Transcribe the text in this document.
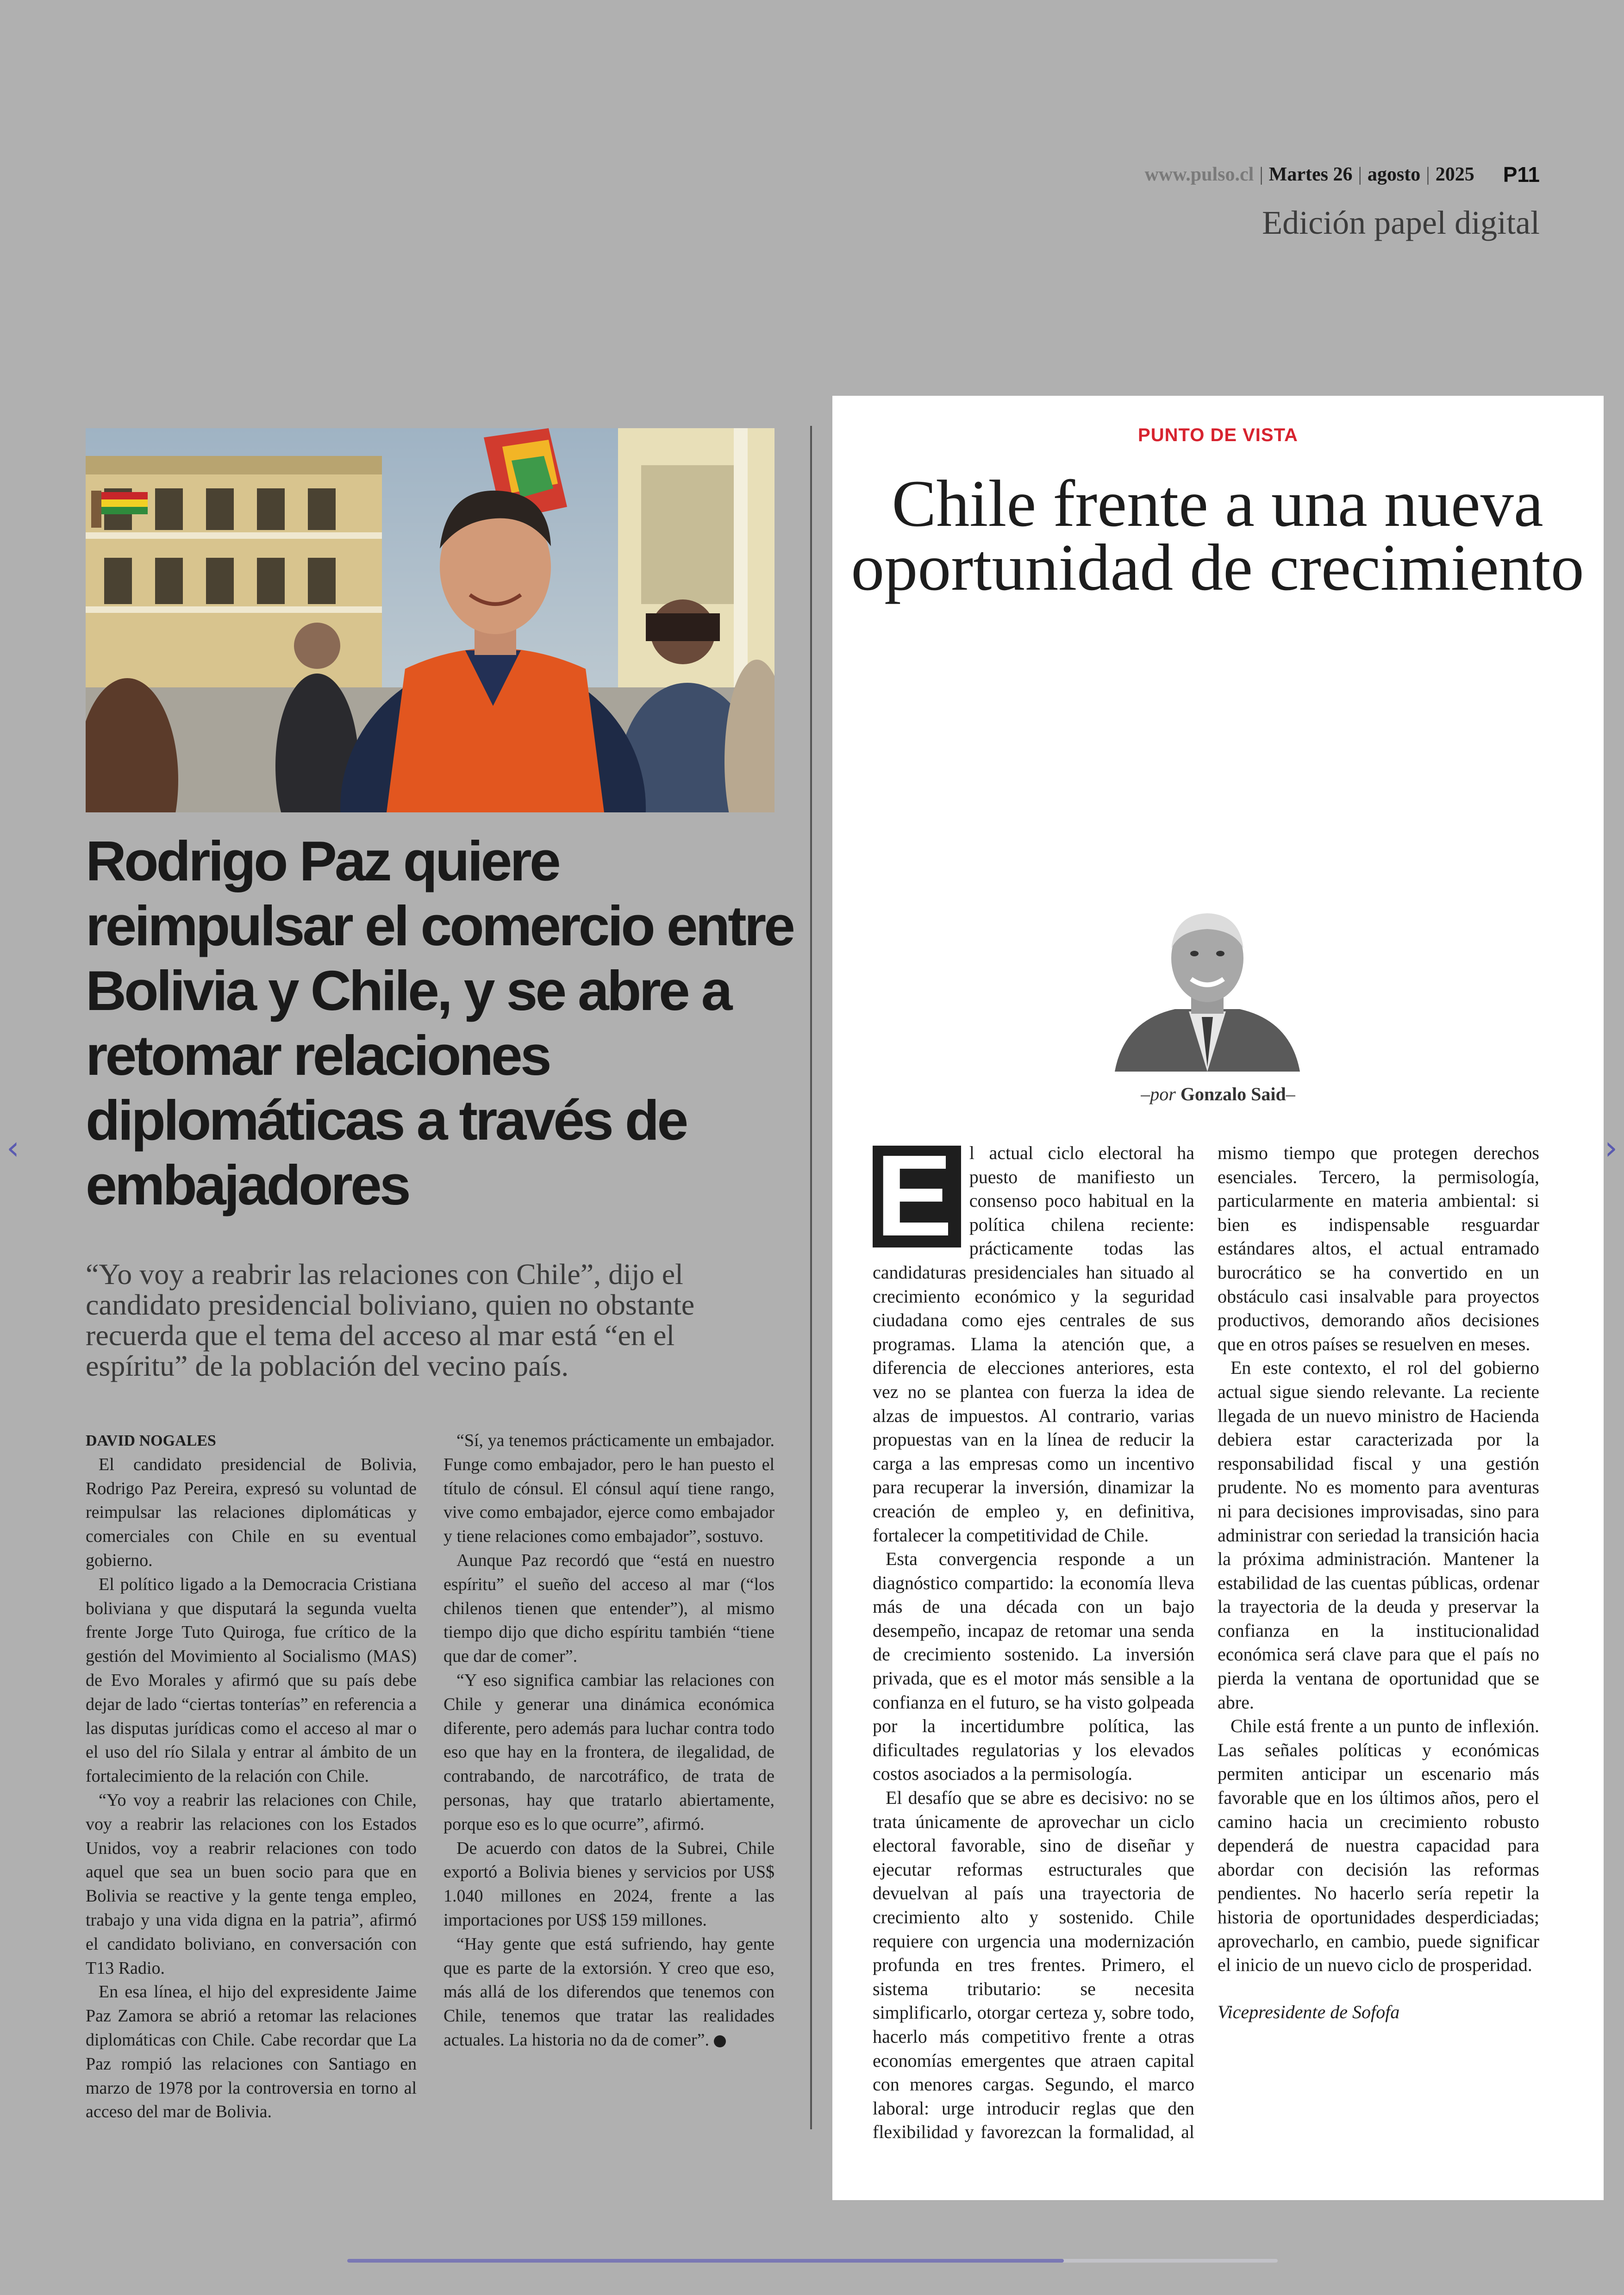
www.pulso.cl | Martes 26 | agosto | 2025 P11
Edición papel digital
Rodrigo Paz quiere reimpulsar el comercio entre Bolivia y Chile, y se abre a retomar relaciones diplomáticas a través de embajadores

“Yo voy a reabrir las relaciones con Chile”, dijo el candidato presidencial boliviano, quien no obstante recuerda que el tema del acceso al mar está “en el espíritu” de la población del vecino país.

DAVID NOGALES

El candidato presidencial de Bolivia, Rodrigo Paz Pereira, expresó su voluntad de reimpulsar las relaciones diplomáticas y comerciales con Chile en su eventual gobierno.

El político ligado a la Democracia Cristiana boliviana y que disputará la segunda vuelta frente Jorge Tuto Quiroga, fue crítico de la gestión del Movimiento al Socialismo (MAS) de Evo Morales y afirmó que su país debe dejar de lado “ciertas tonterías” en referencia a las disputas jurídicas como el acceso al mar o el uso del río Silala y entrar al ámbito de un fortalecimiento de la relación con Chile.

“Yo voy a reabrir las relaciones con Chile, voy a reabrir las relaciones con los Estados Unidos, voy a reabrir relaciones con todo aquel que sea un buen socio para que en Bolivia se reactive y la gente tenga empleo, trabajo y una vida digna en la patria”, afirmó el candidato boliviano, en conversación con T13 Radio.

En esa línea, el hijo del expresidente Jaime Paz Zamora se abrió a retomar las relaciones diplomáticas con Chile. Cabe recordar que La Paz rompió las relaciones con Santiago en marzo de 1978 por la controversia en torno al acceso del mar de Bolivia.

“Sí, ya tenemos prácticamente un embajador. Funge como embajador, pero le han puesto el título de cónsul. El cónsul aquí tiene rango, vive como embajador, ejerce como embajador y tiene relaciones como embajador”, sostuvo.

Aunque Paz recordó que “está en nuestro espíritu” el sueño del acceso al mar (“los chilenos tienen que entender”), al mismo tiempo dijo que dicho espíritu también “tiene que dar de comer”.

“Y eso significa cambiar las relaciones con Chile y generar una dinámica económica diferente, pero además para luchar contra todo eso que hay en la frontera, de ilegalidad, de contrabando, de narcotráfico, de trata de personas, hay que tratarlo abiertamente, porque eso es lo que ocurre”, afirmó.

De acuerdo con datos de la Subrei, Chile exportó a Bolivia bienes y servicios por US$ 1.040 millones en 2024, frente a las importaciones por US$ 159 millones.

“Hay gente que está sufriendo, hay gente que es parte de la extorsión. Y creo que eso, más allá de los diferendos que tenemos con Chile, tenemos que tratar las realidades actuales. La historia no da de comer”.

PUNTO DE VISTA
Chile frente a una nueva oportunidad de crecimiento
–por Gonzalo Said–

E l actual ciclo electoral ha puesto de manifiesto un consenso poco habitual en la política chilena reciente: prácticamente todas las candidaturas presidenciales han situado al crecimiento económico y la seguridad ciudadana como ejes centrales de sus programas. Llama la atención que, a diferencia de elecciones anteriores, esta vez no se plantea con fuerza la idea de alzas de impuestos. Al contrario, varias propuestas van en la línea de reducir la carga a las empresas como un incentivo para recuperar la inversión, dinamizar la creación de empleo y, en definitiva, fortalecer la competitividad de Chile.

Esta convergencia responde a un diagnóstico compartido: la economía lleva más de una década con un bajo desempeño, incapaz de retomar una senda de crecimiento sostenido. La inversión privada, que es el motor más sensible a la confianza en el futuro, se ha visto golpeada por la incertidumbre política, las dificultades regulatorias y los elevados costos asociados a la permisología.

El desafío que se abre es decisivo: no se trata únicamente de aprovechar un ciclo electoral favorable, sino de diseñar y ejecutar reformas estructurales que devuelvan al país una trayectoria de crecimiento alto y sostenido. Chile requiere con urgencia una modernización profunda en tres frentes. Primero, el sistema tributario: se necesita simplificarlo, otorgar certeza y, sobre todo, hacerlo más competitivo frente a otras economías emergentes que atraen capital con menores cargas. Segundo, el marco laboral: urge introducir reglas que den flexibilidad y favorezcan la formalidad, al mismo tiempo que protegen derechos esenciales. Tercero, la permisología, particularmente en materia ambiental: si bien es indispensable resguardar estándares altos, el actual entramado burocrático se ha convertido en un obstáculo casi insalvable para proyectos productivos, demorando años decisiones que en otros países se resuelven en meses.

En este contexto, el rol del gobierno actual sigue siendo relevante. La reciente llegada de un nuevo ministro de Hacienda debiera estar caracterizada por la responsabilidad fiscal y una gestión prudente. No es momento para aventuras ni para decisiones improvisadas, sino para administrar con seriedad la transición hacia la próxima administración. Mantener la estabilidad de las cuentas públicas, ordenar la trayectoria de la deuda y preservar la confianza en la institucionalidad económica será clave para que el país no pierda la ventana de oportunidad que se abre.

Chile está frente a un punto de inflexión. Las señales políticas y económicas permiten anticipar un escenario más favorable que en los últimos años, pero el camino hacia un crecimiento robusto dependerá de nuestra capacidad para abordar con decisión las reformas pendientes. No hacerlo sería repetir la historia de oportunidades desperdiciadas; aprovecharlo, en cambio, puede significar el inicio de un nuevo ciclo de prosperidad.

Vicepresidente de Sofofa

‹	›
